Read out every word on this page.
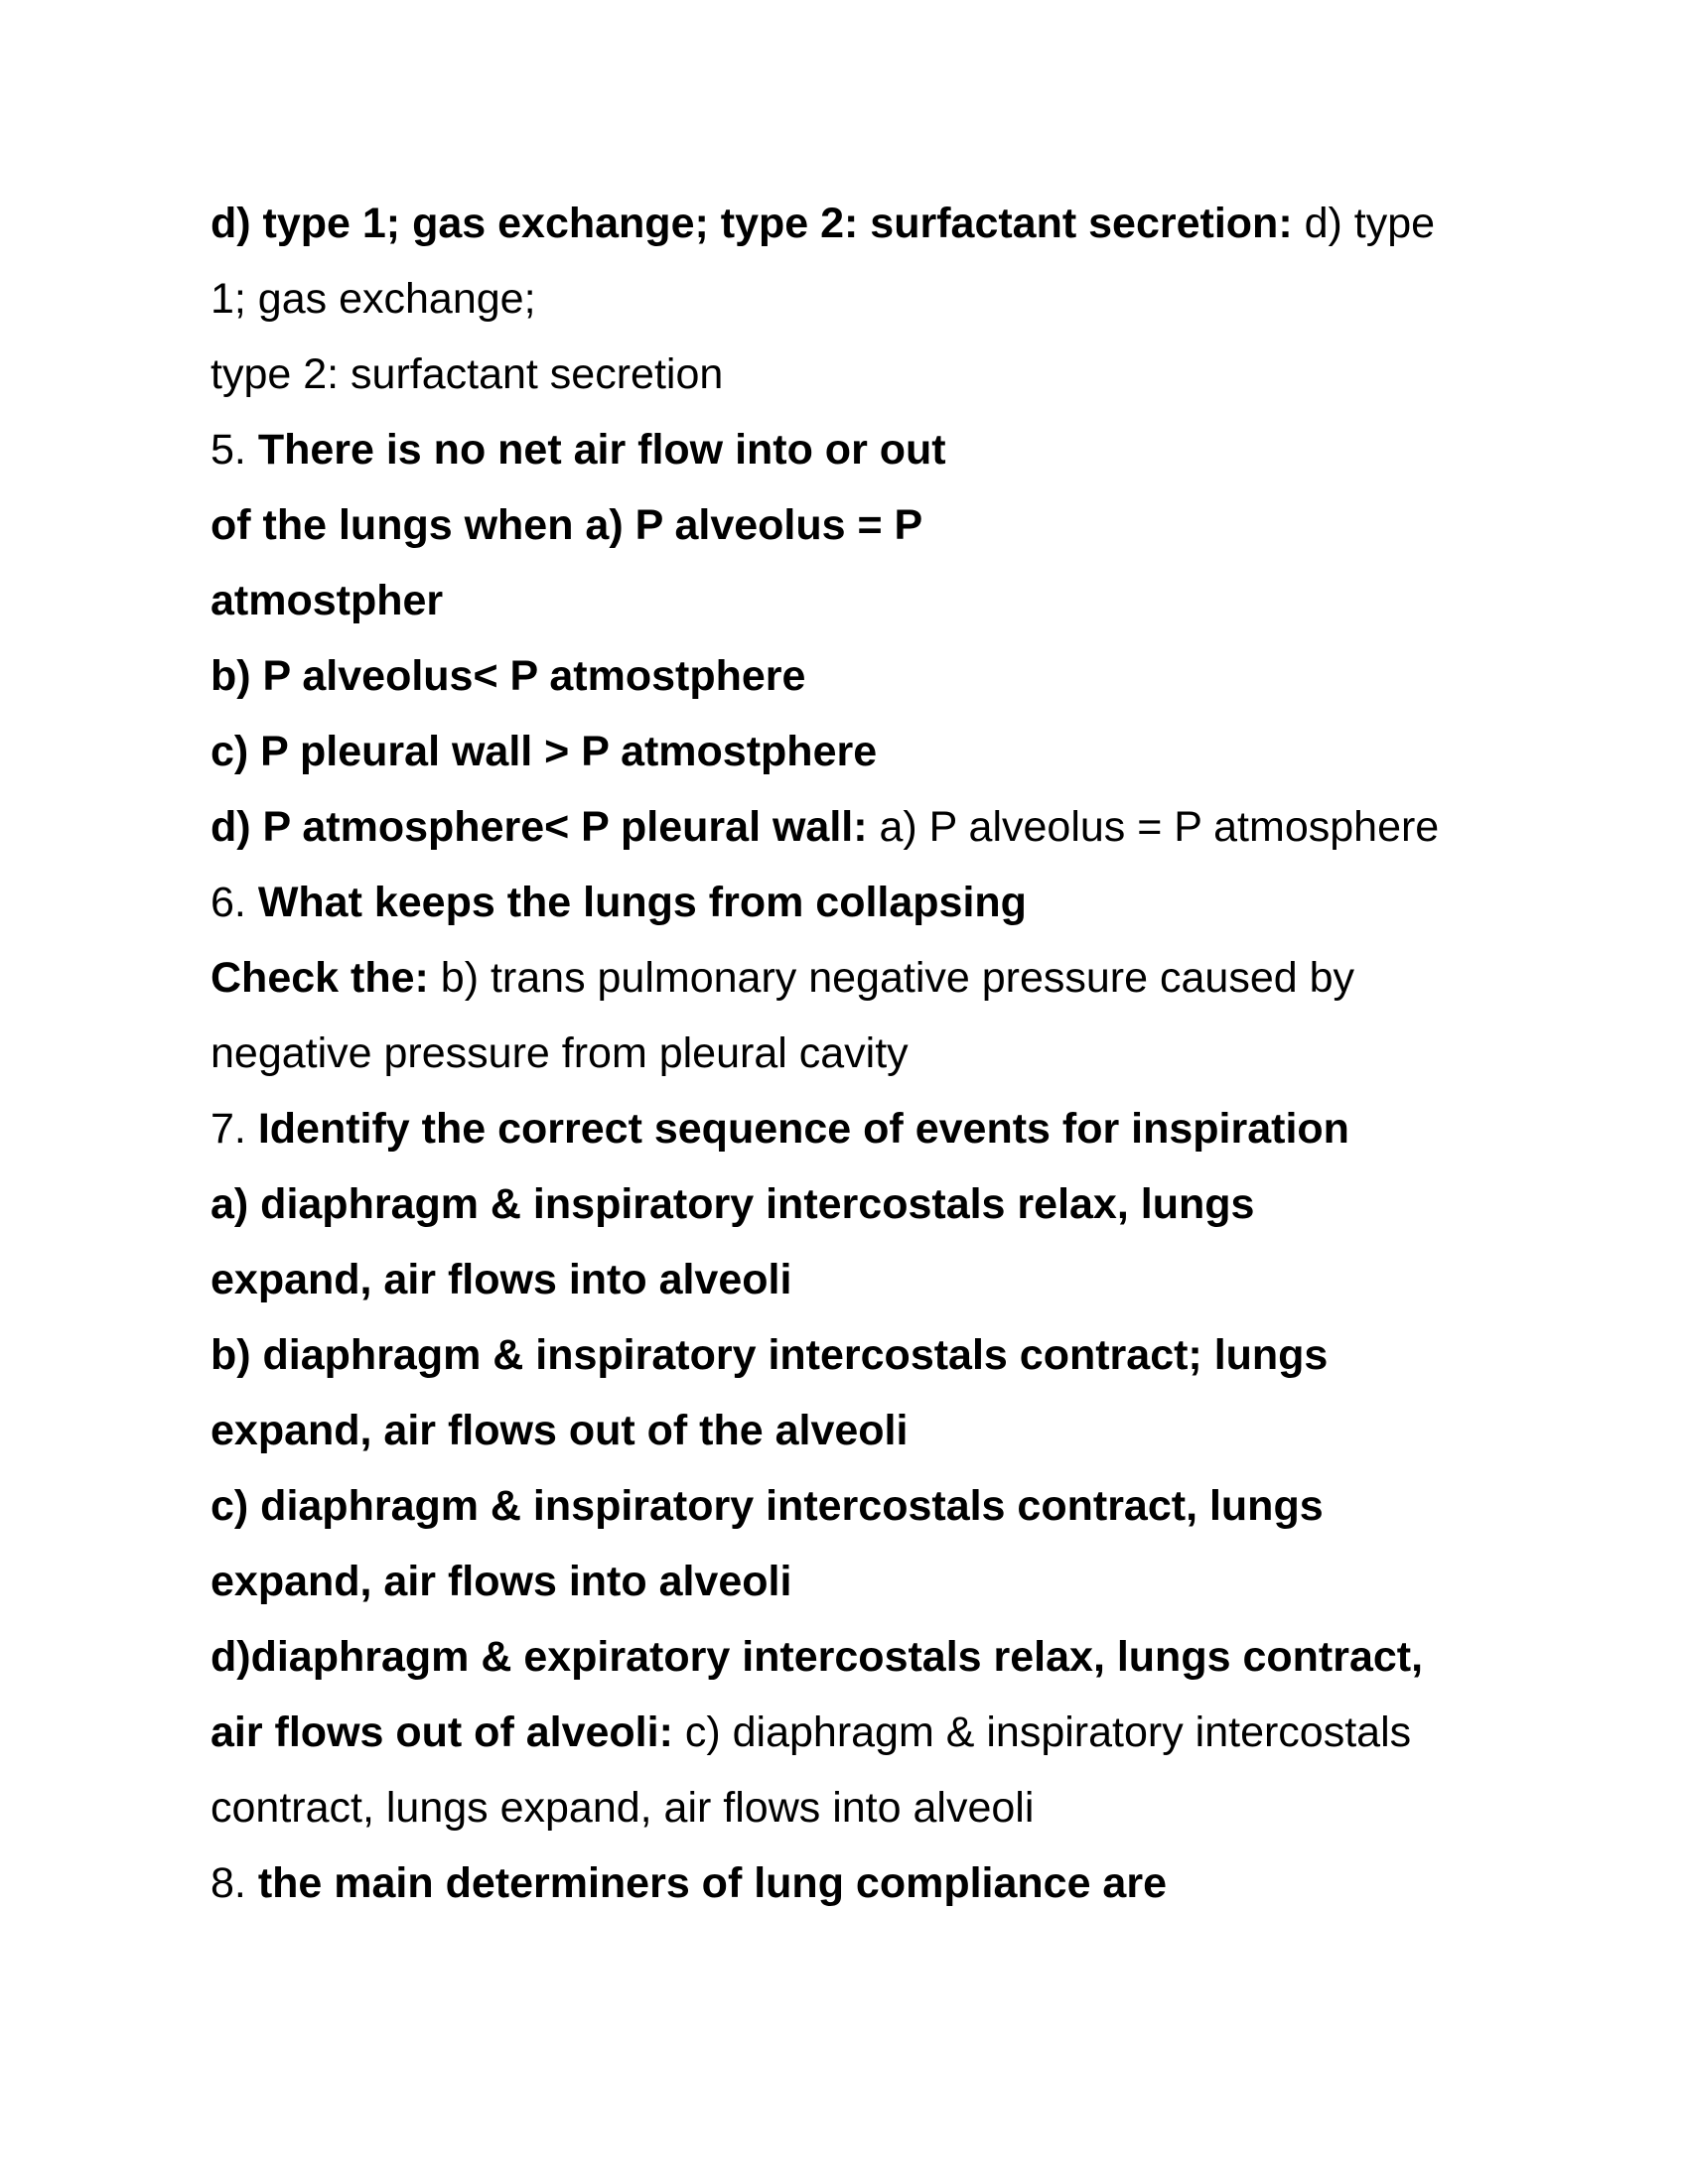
d) type 1; gas exchange; type 2: surfactant secretion: d) type
1; gas exchange;
type 2: surfactant secretion
5. There is no net air flow into or out
of the lungs when a) P alveolus = P
atmostpher
b) P alveolus< P atmostphere
c) P pleural wall > P atmostphere
d) P atmosphere< P pleural wall: a) P alveolus = P atmosphere
6. What keeps the lungs from collapsing
Check the: b) trans pulmonary negative pressure caused by
negative pressure from pleural cavity
7. Identify the correct sequence of events for inspiration
a) diaphragm & inspiratory intercostals relax, lungs
expand, air flows into alveoli
b) diaphragm & inspiratory intercostals contract; lungs
expand, air flows out of the alveoli
c) diaphragm & inspiratory intercostals contract, lungs
expand, air flows into alveoli
d)diaphragm & expiratory intercostals relax, lungs contract,
air flows out of alveoli: c) diaphragm & inspiratory intercostals
contract, lungs expand, air flows into alveoli
8. the main determiners of lung compliance are
